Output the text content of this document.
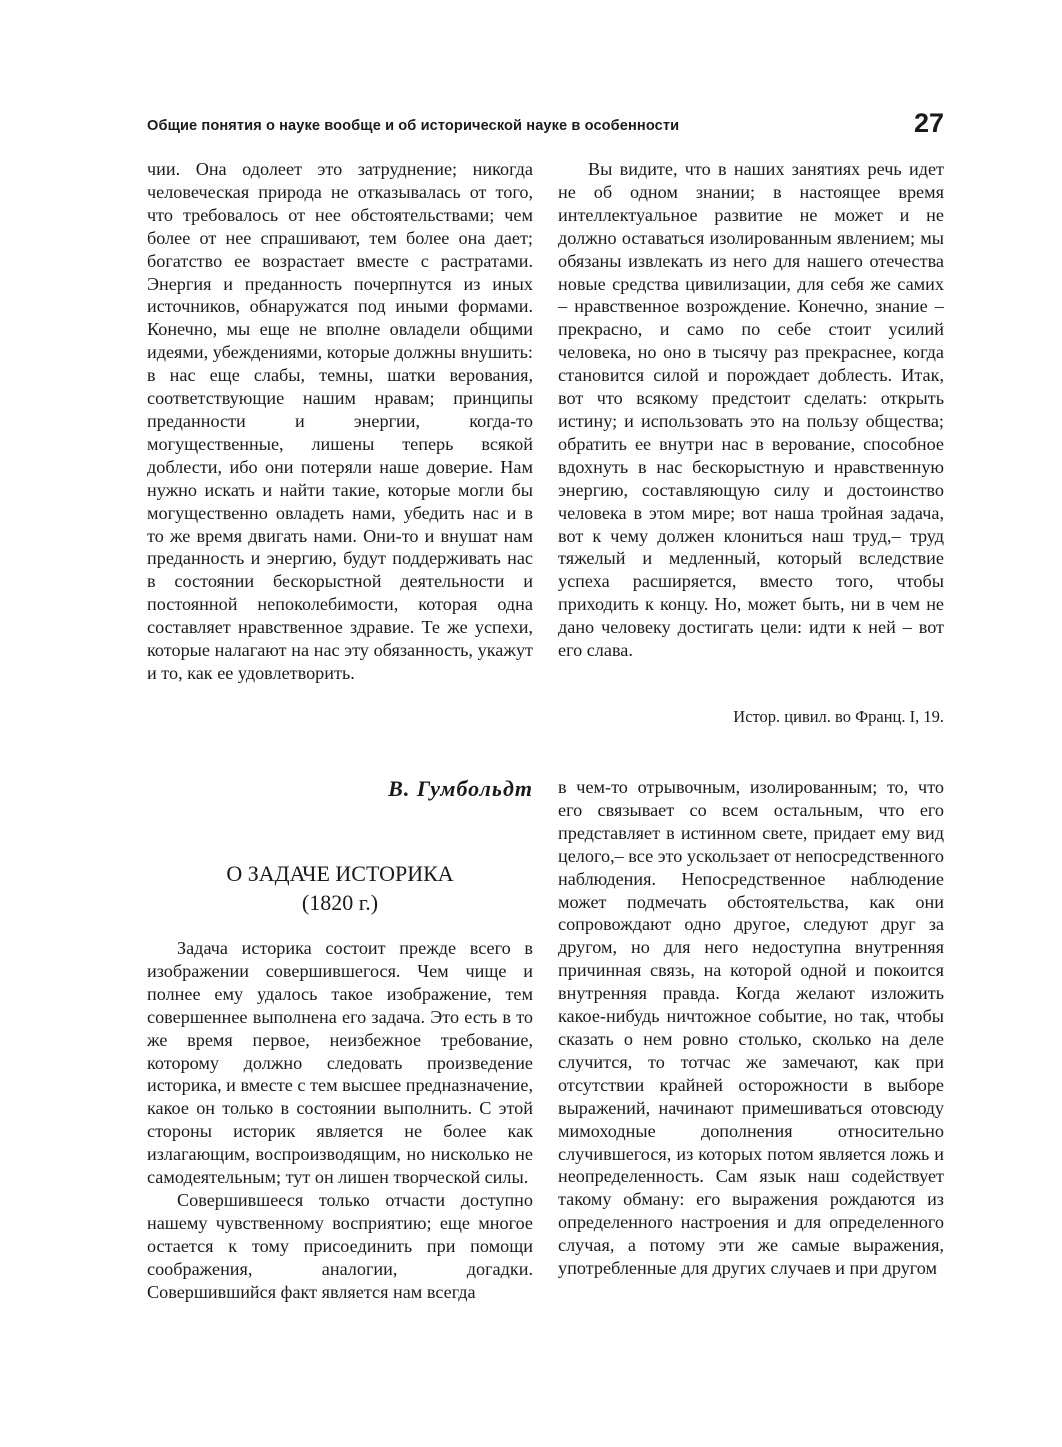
Общие понятия о науке вообще и об исторической науке в особенности	27

чии. Она одолеет это затруднение; никогда человеческая природа не отказывалась от того, что требовалось от нее обстоятельствами; чем более от нее спрашивают, тем более она дает; богатство ее возрастает вместе с растратами. Энергия и преданность почерпнутся из иных источников, обнаружатся под иными формами. Конечно, мы еще не вполне овладели общими идеями, убеждениями, которые должны внушить: в нас еще слабы, темны, шатки верования, соответствующие нашим нравам; принципы преданности и энергии, когда-то могущественные, лишены теперь всякой доблести, ибо они потеряли наше доверие. Нам нужно искать и найти такие, которые могли бы могущественно овладеть нами, убедить нас и в то же время двигать нами. Они-то и внушат нам преданность и энергию, будут поддерживать нас в состоянии бескорыстной деятельности и постоянной непоколебимости, которая одна составляет нравственное здравие. Те же успехи, которые налагают на нас эту обязанность, укажут и то, как ее удовлетворить.

Вы видите, что в наших занятиях речь идет не об одном знании; в настоящее время интеллектуальное развитие не может и не должно оставаться изолированным явлением; мы обязаны извлекать из него для нашего отечества новые средства цивилизации, для себя же самих – нравственное возрождение. Конечно, знание – прекрасно, и само по себе стоит усилий человека, но оно в тысячу раз прекраснее, когда становится силой и порождает доблесть. Итак, вот что всякому предстоит сделать: открыть истину; и использовать это на пользу общества; обратить ее внутри нас в верование, способное вдохнуть в нас бескорыстную и нравственную энергию, составляющую силу и достоинство человека в этом мире; вот наша тройная задача, вот к чему должен клониться наш труд,– труд тяжелый и медленный, который вследствие успеха расширяется, вместо того, чтобы приходить к концу. Но, может быть, ни в чем не дано человеку достигать цели: идти к ней – вот его слава.

Истор. цивил. во Франц. I, 19.
В. Гумбольдт
О ЗАДАЧЕ ИСТОРИКА
(1820 г.)

Задача историка состоит прежде всего в изображении совершившегося. Чем чище и полнее ему удалось такое изображение, тем совершеннее выполнена его задача. Это есть в то же время первое, неизбежное требование, которому должно следовать произведение историка, и вместе с тем высшее предназначение, какое он только в состоянии выполнить. С этой стороны историк является не более как излагающим, воспроизводящим, но нисколько не самодеятельным; тут он лишен творческой силы.

Совершившееся только отчасти доступно нашему чувственному восприятию; еще многое остается к тому присоединить при помощи соображения, аналогии, догадки. Совершившийся факт является нам всегда

в чем-то отрывочным, изолированным; то, что его связывает со всем остальным, что его представляет в истинном свете, придает ему вид целого,– все это ускользает от непосредственного наблюдения. Непосредственное наблюдение может подмечать обстоятельства, как они сопровождают одно другое, следуют друг за другом, но для него недоступна внутренняя причинная связь, на которой одной и покоится внутренняя правда. Когда желают изложить какое-нибудь ничтожное событие, но так, чтобы сказать о нем ровно столько, сколько на деле случится, то тотчас же замечают, как при отсутствии крайней осторожности в выборе выражений, начинают примешиваться отовсюду мимоходные дополнения относительно случившегося, из которых потом является ложь и неопределенность. Сам язык наш содействует такому обману: его выражения рождаются из определенного настроения и для определенного случая, а потому эти же самые выражения, употребленные для других случаев и при другом
